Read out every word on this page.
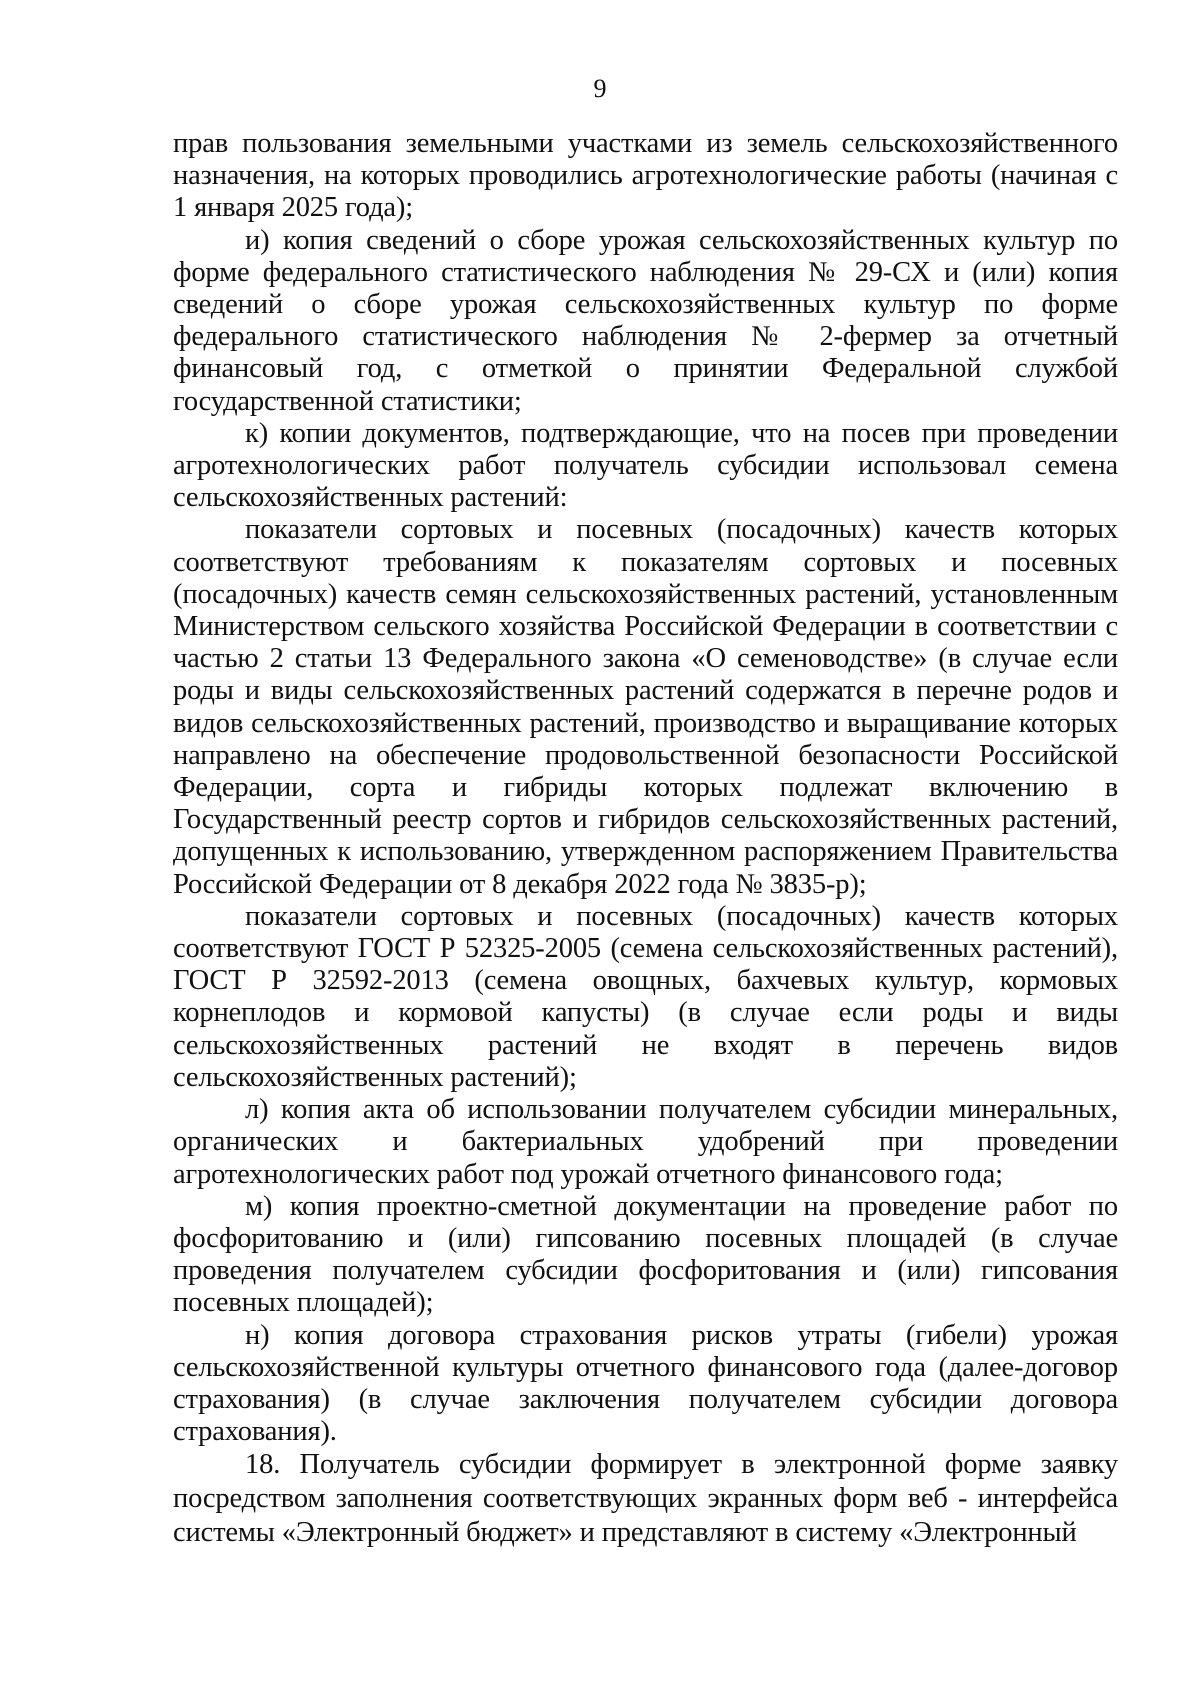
9

прав пользования земельными участками из земель сельскохозяйственного назначения, на которых проводились агротехнологические работы (начиная с 1 января 2025 года);

и) копия сведений о сборе урожая сельскохозяйственных культур по форме федерального статистического наблюдения № 29-СХ и (или) копия сведений о сборе урожая сельскохозяйственных культур по форме федерального статистического наблюдения № 2-фермер за отчетный финансовый год, с отметкой о принятии Федеральной службой государственной статистики;

к) копии документов, подтверждающие, что на посев при проведении агротехнологических работ получатель субсидии использовал семена сельскохозяйственных растений:

показатели сортовых и посевных (посадочных) качеств которых соответствуют требованиям к показателям сортовых и посевных (посадочных) качеств семян сельскохозяйственных растений, установленным Министерством сельского хозяйства Российской Федерации в соответствии с частью 2 статьи 13 Федерального закона «О семеноводстве» (в случае если роды и виды сельскохозяйственных растений содержатся в перечне родов и видов сельскохозяйственных растений, производство и выращивание которых направлено на обеспечение продовольственной безопасности Российской Федерации, сорта и гибриды которых подлежат включению в Государственный реестр сортов и гибридов сельскохозяйственных растений, допущенных к использованию, утвержденном распоряжением Правительства Российской Федерации от 8 декабря 2022 года № 3835-р);

показатели сортовых и посевных (посадочных) качеств которых соответствуют ГОСТ Р 52325-2005 (семена сельскохозяйственных растений), ГОСТ Р 32592-2013 (семена овощных, бахчевых культур, кормовых корнеплодов и кормовой капусты) (в случае если роды и виды сельскохозяйственных растений не входят в перечень видов сельскохозяйственных растений);

л) копия акта об использовании получателем субсидии минеральных, органических и бактериальных удобрений при проведении агротехнологических работ под урожай отчетного финансового года;

м) копия проектно-сметной документации на проведение работ по фосфоритованию и (или) гипсованию посевных площадей (в случае проведения получателем субсидии фосфоритования и (или) гипсования посевных площадей);

н) копия договора страхования рисков утраты (гибели) урожая сельскохозяйственной культуры отчетного финансового года (далее-договор страхования) (в случае заключения получателем субсидии договора страхования).

18. Получатель субсидии формирует в электронной форме заявку посредством заполнения соответствующих экранных форм веб - интерфейса системы «Электронный бюджет» и представляют в систему «Электронный
